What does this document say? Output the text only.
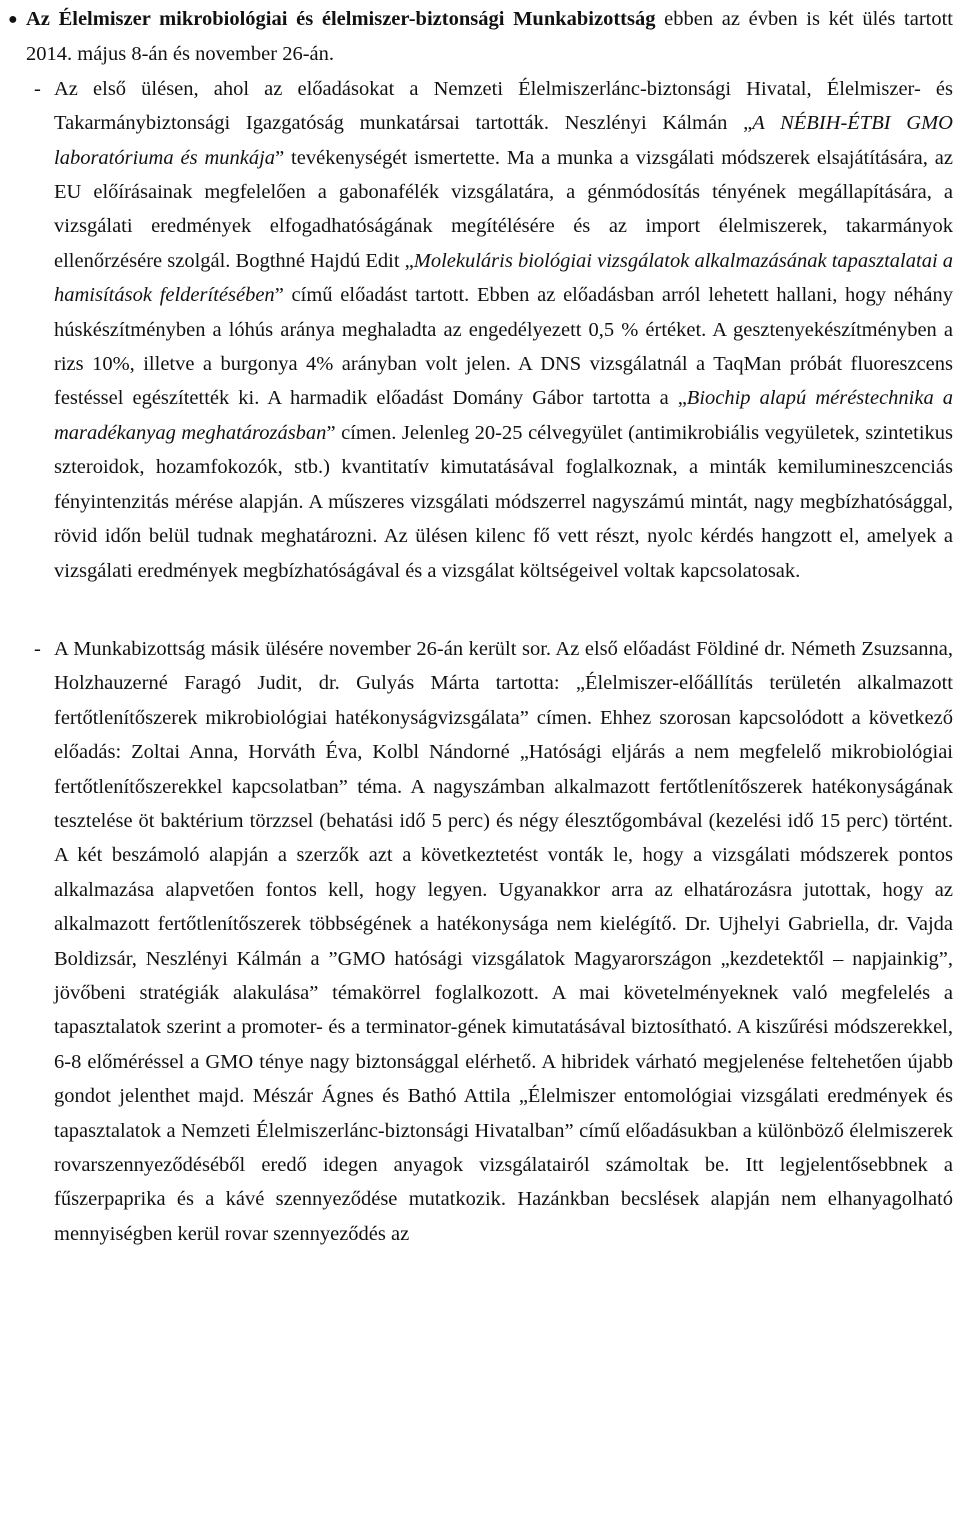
● Az Élelmiszer mikrobiológiai és élelmiszer-biztonsági Munkabizottság ebben az évben is két ülés tartott 2014. május 8-án és november 26-án.

- Az első ülésen, ahol az előadásokat a Nemzeti Élelmiszerlánc-biztonsági Hivatal, Élelmiszer- és Takarmánybiztonsági Igazgatóság munkatársai tartották. Neszlényi Kálmán „A NÉBIH-ÉTBI GMO laboratóriuma és munkája” tevékenységét ismertette. Ma a munka a vizsgálati módszerek elsajátítására, az EU előírásainak megfelelően a gabonafélék vizsgálatára, a génmódosítás tényének megállapítására, a vizsgálati eredmények elfogadhatóságának megítélésére és az import élelmiszerek, takarmányok ellenőrzésére szolgál. Bogthné Hajdú Edit „Molekuláris biológiai vizsgálatok alkalmazásának tapasztalatai a hamisítások felderítésében” című előadást tartott. Ebben az előadásban arról lehetett hallani, hogy néhány húskészítményben a lóhús aránya meghaladta az engedélyezett 0,5 % értéket. A gesztenyekészítményben a rizs 10%, illetve a burgonya 4% arányban volt jelen. A DNS vizsgálatnál a TaqMan próbát fluoreszcens festéssel egészítették ki. A harmadik előadást Domány Gábor tartotta a „Biochip alapú méréstechnika a maradékanyag meghatározásban” címen. Jelenleg 20-25 célvegyület (antimikrobiális vegyületek, szintetikus szteroidok, hozamfokozók, stb.) kvantitatív kimutatásával foglalkoznak, a minták kemilumineszcenciás fényintenzitás mérése alapján. A műszeres vizsgálati módszerrel nagyszámú mintát, nagy megbízhatósággal, rövid időn belül tudnak meghatározni. Az ülésen kilenc fő vett részt, nyolc kérdés hangzott el, amelyek a vizsgálati eredmények megbízhatóságával és a vizsgálat költségeivel voltak kapcsolatosak.

- A Munkabizottság másik ülésére november 26-án került sor. Az első előadást Földiné dr. Németh Zsuzsanna, Holzhauzerné Faragó Judit, dr. Gulyás Márta tartotta: „Élelmiszer-előállítás területén alkalmazott fertőtlenítőszerek mikrobiológiai hatékonyságvizsgálata” címen. Ehhez szorosan kapcsolódott a következő előadás: Zoltai Anna, Horváth Éva, Kolbl Nándorné „Hatósági eljárás a nem megfelelő mikrobiológiai fertőtlenítőszerekkel kapcsolatban” téma. A nagyszámban alkalmazott fertőtlenítőszerek hatékonyságának tesztelése öt baktérium törzzsel (behatási idő 5 perc) és négy élesztőgombával (kezelési idő 15 perc) történt. A két beszámoló alapján a szerzők azt a következtetést vonták le, hogy a vizsgálati módszerek pontos alkalmazása alapvetően fontos kell, hogy legyen. Ugyanakkor arra az elhatározásra jutottak, hogy az alkalmazott fertőtlenítőszerek többségének a hatékonysága nem kielégítő. Dr. Ujhelyi Gabriella, dr. Vajda Boldizsár, Neszlényi Kálmán a ”GMO hatósági vizsgálatok Magyarországon „kezdetektől – napjainkig”, jövőbeni stratégiák alakulása” témakörrel foglalkozott. A mai követelményeknek való megfelelés a tapasztalatok szerint a promoter- és a terminator-gének kimutatásával biztosítható. A kiszűrési módszerekkel, 6-8 előméréssel a GMO ténye nagy biztonsággal elérhető. A hibridek várható megjelenése feltehetően újabb gondot jelenthet majd. Mészár Ágnes és Bathó Attila „Élelmiszer entomológiai vizsgálati eredmények és tapasztalatok a Nemzeti Élelmiszerlánc-biztonsági Hivatalban” című előadásukban a különböző élelmiszerek rovarszennyeződéséből eredő idegen anyagok vizsgálatairól számoltak be. Itt legjelentősebbnek a fűszerpaprika és a kávé szennyeződése mutatkozik. Hazánkban becslések alapján nem elhanyagolható mennyiségben kerül rovar szennyeződés az
